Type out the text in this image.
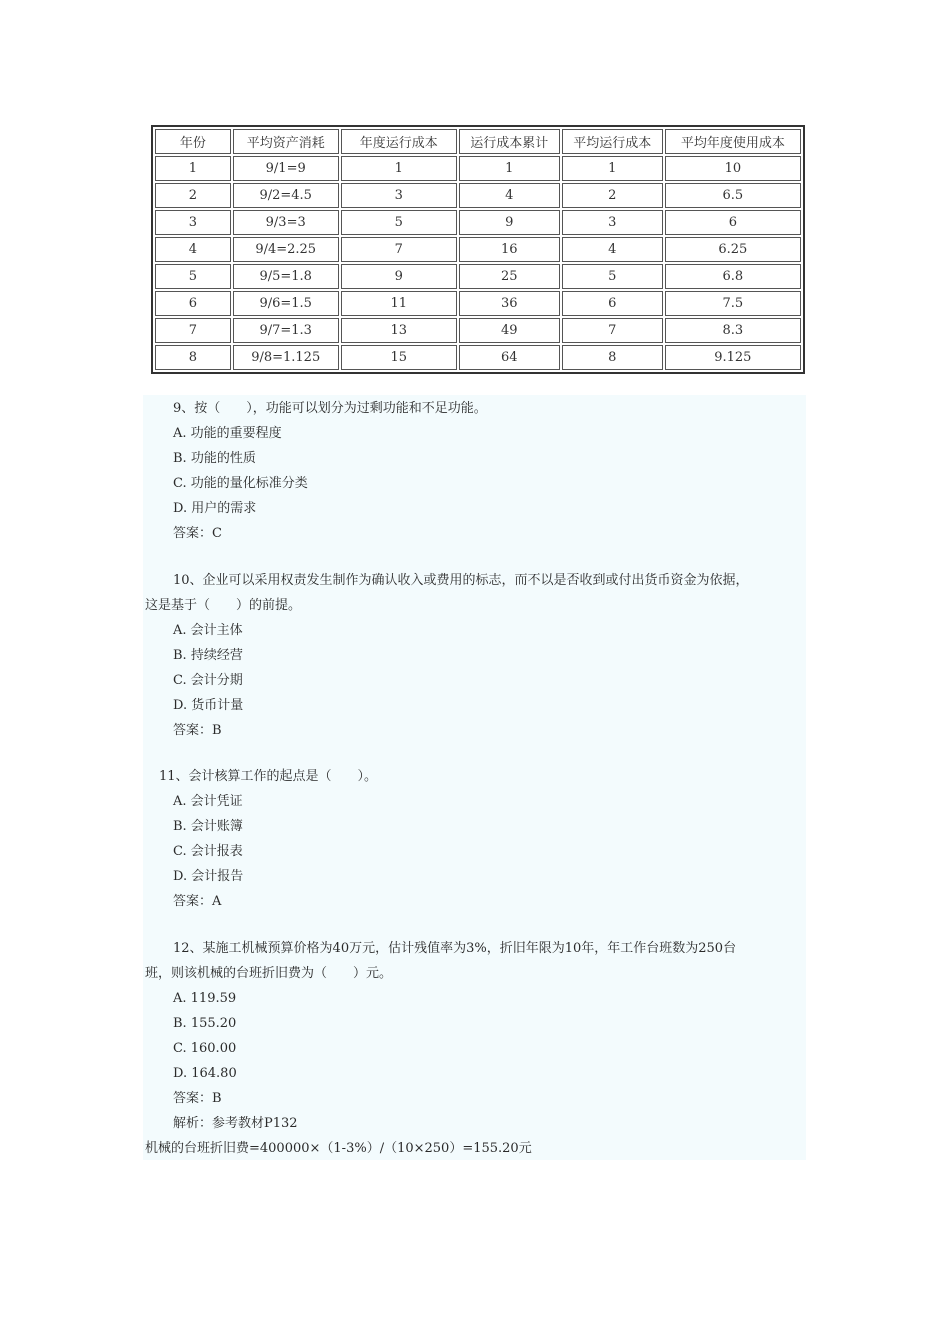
年份	平均资产消耗	年度运行成本	运行成本累计	平均运行成本	平均年度使用成本
1	9/1=9	1	1	1	10
2	9/2=4.5	3	4	2	6.5
3	9/3=3	5	9	3	6
4	9/4=2.25	7	16	4	6.25
5	9/5=1.8	9	25	5	6.8
6	9/6=1.5	11	36	6	7.5
7	9/7=1.3	13	49	7	8.3
8	9/8=1.125	15	64	8	9.125
9、按（　　），功能可以划分为过剩功能和不足功能。
A. 功能的重要程度
B. 功能的性质
C. 功能的量化标准分类
D. 用户的需求
答案：C
10、企业可以采用权责发生制作为确认收入或费用的标志，而不以是否收到或付出货币资金为依据，
这是基于（　　）的前提。
A. 会计主体
B. 持续经营
C. 会计分期
D. 货币计量
答案：B
11、会计核算工作的起点是（　　）。
A. 会计凭证
B. 会计账簿
C. 会计报表
D. 会计报告
答案：A
12、某施工机械预算价格为40万元，估计残值率为3%，折旧年限为10年，年工作台班数为250台
班，则该机械的台班折旧费为（　　）元。
A. 119.59
B. 155.20
C. 160.00
D. 164.80
答案：B
解析：参考教材P132
机械的台班折旧费=400000×（1-3%）/（10×250）=155.20元
